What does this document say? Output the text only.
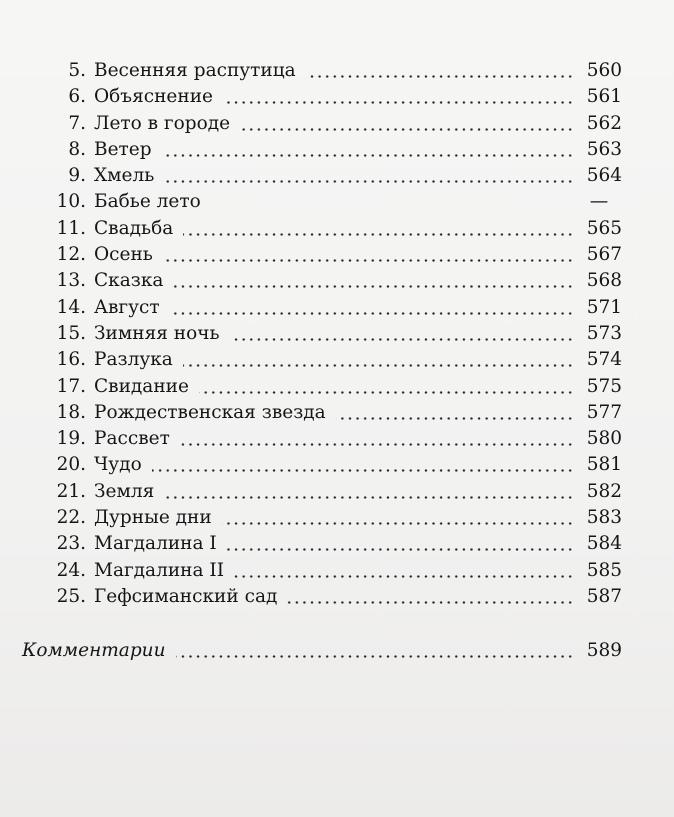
5. Весенняя распутица	560
6. Объяснение	561
7. Лето в городе	562
8. Ветер	563
9. Хмель	564
10. Бабье лето	—
11. Свадьба	565
12. Осень	567
13. Сказка	568
14. Август	571
15. Зимняя ночь	573
16. Разлука	574
17. Свидание	575
18. Рождественская звезда	577
19. Рассвет	580
20. Чудо	581
21. Земля	582
22. Дурные дни	583
23. Магдалина I	584
24. Магдалина II	585
25. Гефсиманский сад	587
Комментарии	589
